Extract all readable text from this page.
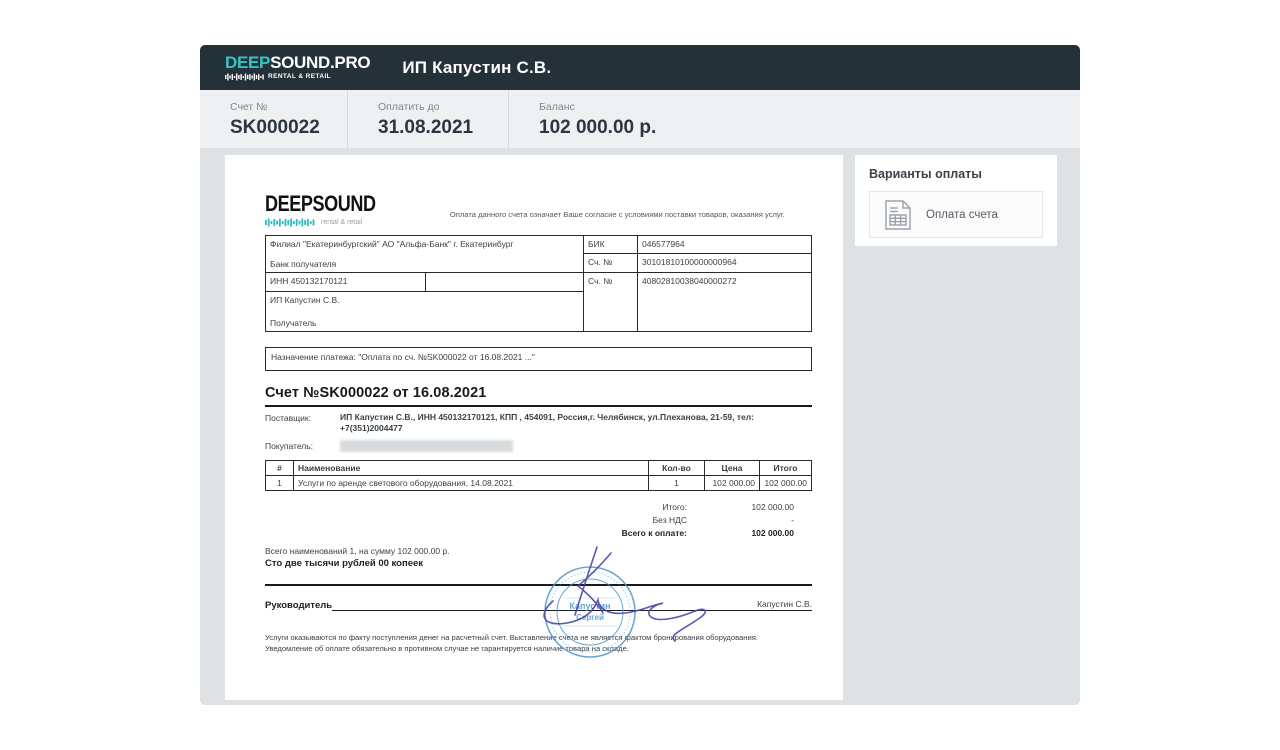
DEEPSOUND.PRO
RENTAL & RETAIL	ИП Капустин С.В.
Счет №
SK000022
Оплатить до
31.08.2021
Баланс
102 000.00 р.
DEEPSOUND
rental & retail
Оплата данного счета означает Ваше согласие с условиями поставки товаров, оказания услуг.
Филиал "Екатеринбургский" АО "Альфа-Банк" г. Екатеринбург
Банк получателя
БИК	046577964
Сч. №	30101810100000000964
ИНН 450132170121	Сч. №	40802810038040000272
ИП Капустин С.В.
Получатель
Назначение платежа: "Оплата по сч. №SK000022 от 16.08.2021 ..."
Счет №SK000022 от 16.08.2021
Поставщик:	ИП Капустин С.В., ИНН 450132170121, КПП , 454091, Россия,г. Челябинск, ул.Плеханова, 21-59, тел: +7(351)2004477
Покупатель:
#	Наименование	Кол-во	Цена	Итого
1	Услуги по аренде светового оборудования, 14.08.2021	1	102 000.00	102 000.00
Итого:	102 000.00
Без НДС	-
Всего к оплате:	102 000.00
Всего наименований 1, на сумму 102 000.00 р.
Сто две тысячи рублей 00 копеек
Руководитель	Капустин С.В.
Услуги оказываются по факту поступления денег на расчетный счет. Выставление счета не является фактом бронирования оборудования. Уведомление об оплате обязательно в противном случае не гарантируется наличие товара на складе.
Капустин
Сергей
Варианты оплаты
Оплата счета
